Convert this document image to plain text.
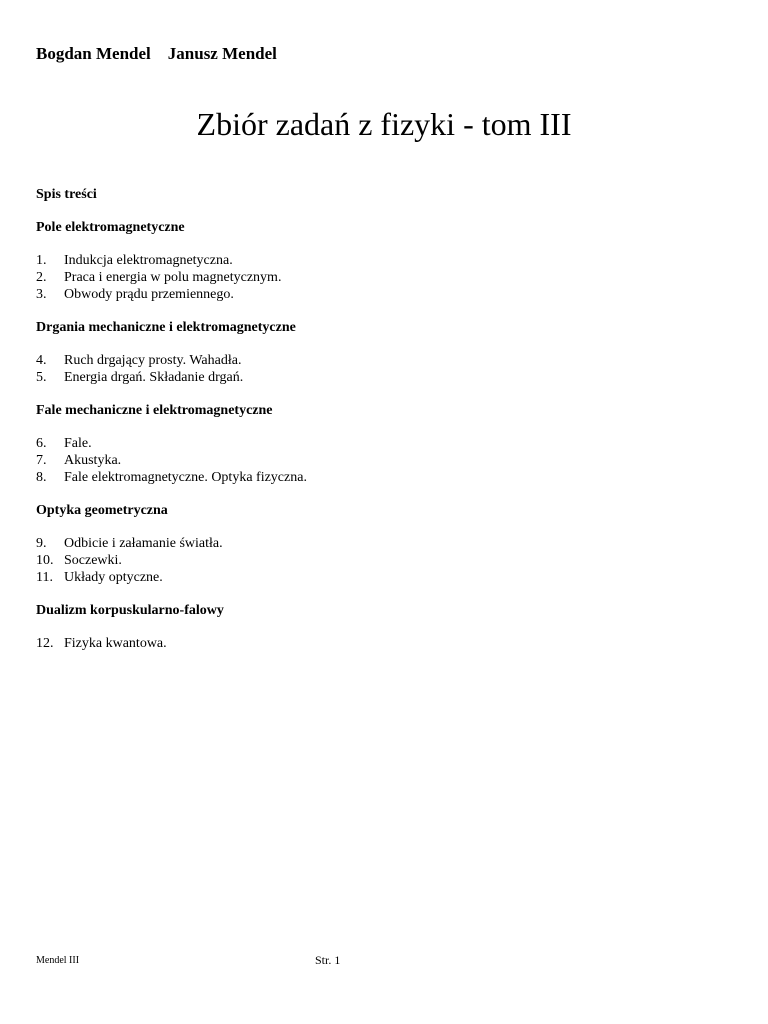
Bogdan Mendel Janusz Mendel
Zbiór zadań z fizyki - tom III
Spis treści
Pole elektromagnetyczne
1. Indukcja elektromagnetyczna.
2. Praca i energia w polu magnetycznym.
3. Obwody prądu przemiennego.
Drgania mechaniczne i elektromagnetyczne
4. Ruch drgający prosty. Wahadła.
5. Energia drgań. Składanie drgań.
Fale mechaniczne i elektromagnetyczne
6. Fale.
7. Akustyka.
8. Fale elektromagnetyczne. Optyka fizyczna.
Optyka geometryczna
9. Odbicie i załamanie światła.
10. Soczewki.
11. Układy optyczne.
Dualizm korpuskularno-falowy
12. Fizyka kwantowa.
Mendel III	Str. 1
